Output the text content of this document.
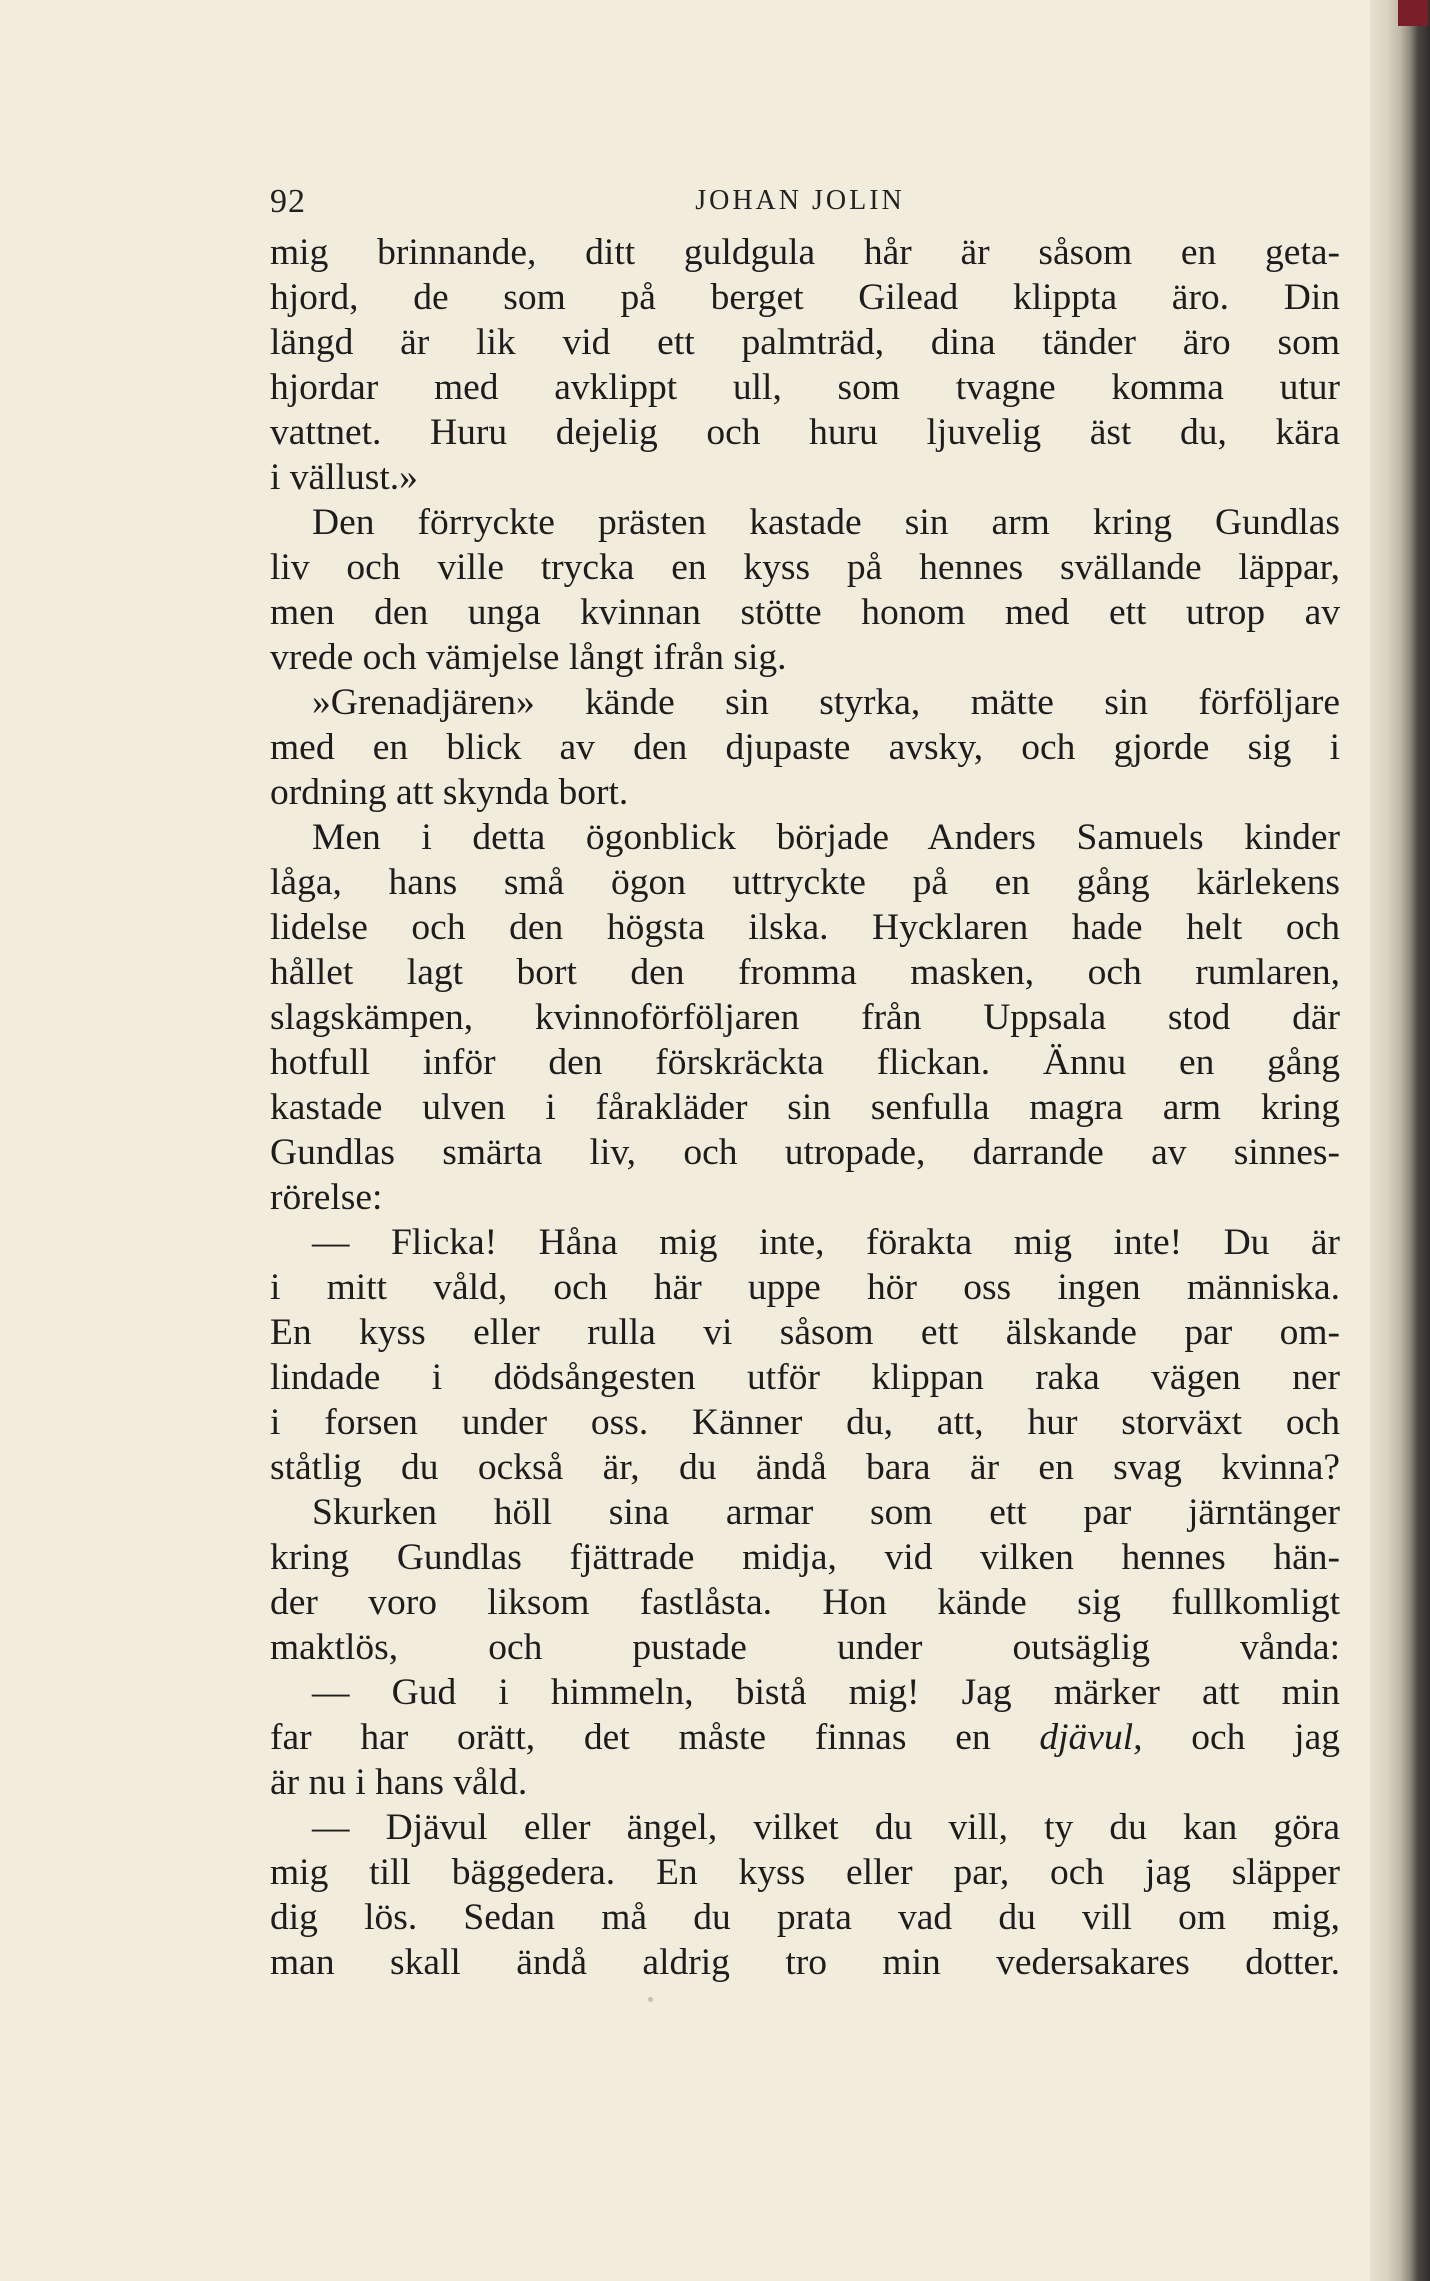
92	JOHAN JOLIN
mig brinnande, ditt guldgula hår är såsom en geta-
hjord, de som på berget Gilead klippta äro. Din
längd är lik vid ett palmträd, dina tänder äro som
hjordar med avklippt ull, som tvagne komma utur
vattnet. Huru dejelig och huru ljuvelig äst du, kära
i vällust.»
Den förryckte prästen kastade sin arm kring Gundlas
liv och ville trycka en kyss på hennes svällande läppar,
men den unga kvinnan stötte honom med ett utrop av
vrede och vämjelse långt ifrån sig.
»Grenadjären» kände sin styrka, mätte sin förföljare
med en blick av den djupaste avsky, och gjorde sig i
ordning att skynda bort.
Men i detta ögonblick började Anders Samuels kinder
låga, hans små ögon uttryckte på en gång kärlekens
lidelse och den högsta ilska. Hycklaren hade helt och
hållet lagt bort den fromma masken, och rumlaren,
slagskämpen, kvinnoförföljaren från Uppsala stod där
hotfull inför den förskräckta flickan. Ännu en gång
kastade ulven i fårakläder sin senfulla magra arm kring
Gundlas smärta liv, och utropade, darrande av sinnes-
rörelse:
— Flicka! Håna mig inte, förakta mig inte! Du är
i mitt våld, och här uppe hör oss ingen människa.
En kyss eller rulla vi såsom ett älskande par om-
lindade i dödsångesten utför klippan raka vägen ner
i forsen under oss. Känner du, att, hur storväxt och
ståtlig du också är, du ändå bara är en svag kvinna?
Skurken höll sina armar som ett par järntänger
kring Gundlas fjättrade midja, vid vilken hennes hän-
der voro liksom fastlåsta. Hon kände sig fullkomligt
maktlös, och pustade under outsäglig vånda:
— Gud i himmeln, bistå mig! Jag märker att min
far har orätt, det måste finnas en djävul, och jag
är nu i hans våld.
— Djävul eller ängel, vilket du vill, ty du kan göra
mig till bäggedera. En kyss eller par, och jag släpper
dig lös. Sedan må du prata vad du vill om mig,
man skall ändå aldrig tro min vedersakares dotter.
